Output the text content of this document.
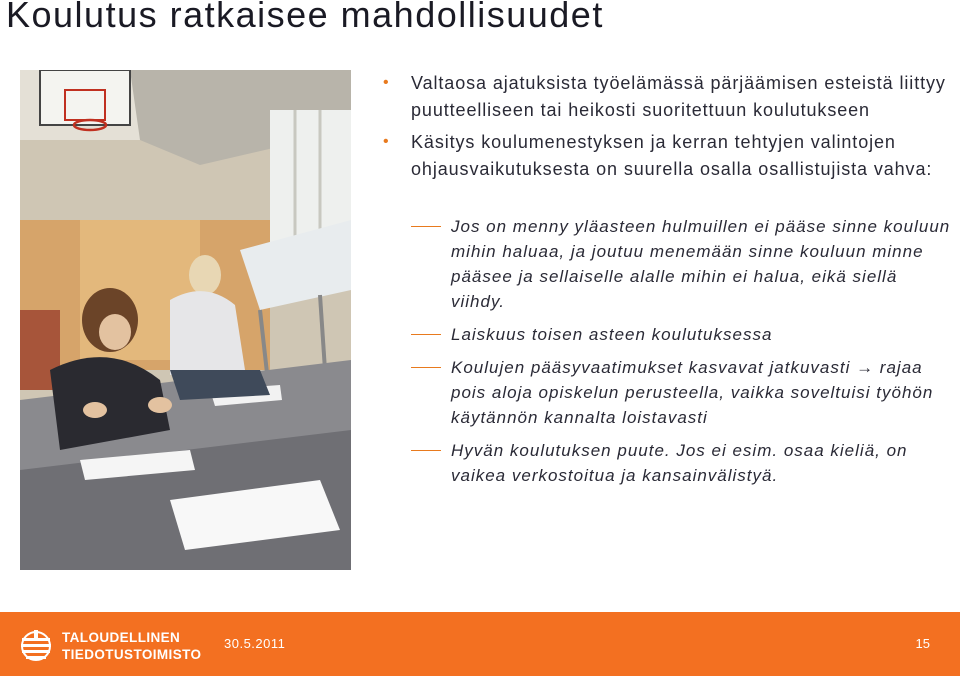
Koulutus ratkaisee mahdollisuudet
• Valtaosa ajatuksista työelämässä pärjäämisen esteistä liittyy puutteelliseen tai heikosti suoritettuun koulutukseen
• Käsitys koulumenestyksen ja kerran tehtyjen valintojen ohjausvaikutuksesta on suurella osalla osallistujista vahva:
Jos on menny yläasteen hulmuillen ei pääse sinne kouluun mihin haluaa, ja joutuu menemään sinne kouluun minne pääsee ja sellaiselle alalle mihin ei halua, eikä siellä viihdy.
Laiskuus toisen asteen koulutuksessa
Koulujen pääsyvaatimukset kasvavat jatkuvasti → rajaa pois aloja opiskelun perusteella, vaikka soveltuisi työhön käytännön kannalta loistavasti
Hyvän koulutuksen puute. Jos ei esim. osaa kieliä, on vaikea verkostoitua ja kansainvälistyä.
TALOUDELLINEN
TIEDOTUSTOIMISTO
30.5.2011	15
